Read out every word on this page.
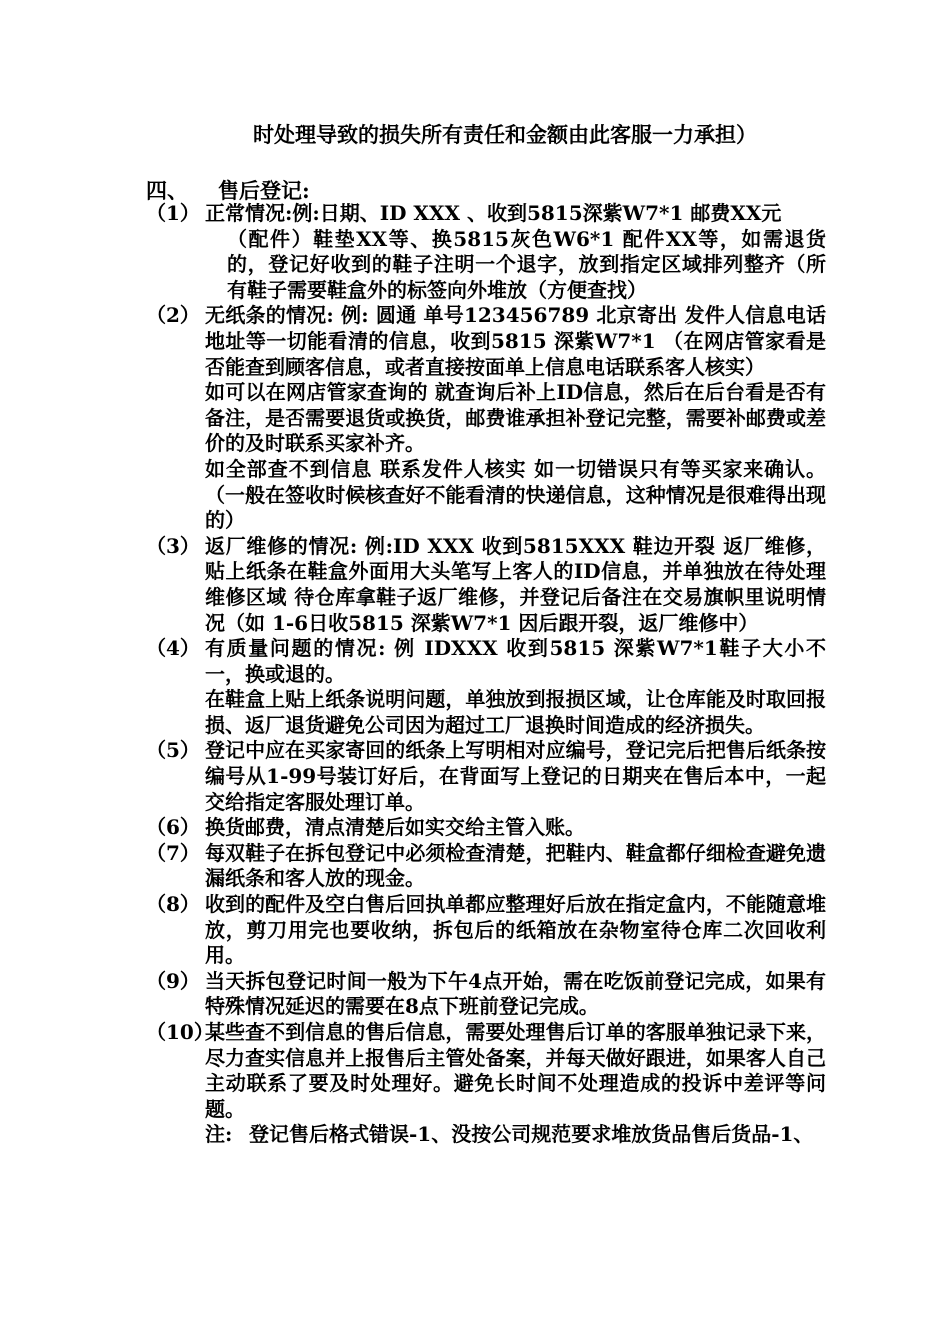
时处理导致的损失所有责任和金额由此客服一力承担）
四、 售后登记:
（1） 正常情况:例:日期、ID XXX 、收到5815深紫W7*1 邮费XX元

（配件）鞋垫XX等、换5815灰色W6*1 配件XX等，如需退货的，登记好收到的鞋子注明一个退字，放到指定区域排列整齐（所有鞋子需要鞋盒外的标签向外堆放（方便查找）

（2） 无纸条的情况: 例: 圆通 单号123456789 北京寄出 发件人信息电话 地址等一切能看清的信息，收到5815 深紫W7*1 （在网店管家看是否能查到顾客信息，或者直接按面单上信息电话联系客人核实）

如可以在网店管家查询的 就查询后补上ID信息，然后在后台看是否有备注，是否需要退货或换货，邮费谁承担补登记完整，需要补邮费或差价的及时联系买家补齐。

如全部查不到信息 联系发件人核实 如一切错误只有等买家来确认。（一般在签收时候核查好不能看清的快递信息，这种情况是很难得出现的）

（3） 返厂维修的情况: 例:ID XXX 收到5815XXX 鞋边开裂 返厂维修，贴上纸条在鞋盒外面用大头笔写上客人的ID信息，并单独放在待处理维修区域 待仓库拿鞋子返厂维修，并登记后备注在交易旗帜里说明情况（如 1-6日收5815 深紫W7*1 因后跟开裂，返厂维修中）

（4） 有质量问题的情况: 例 IDXXX 收到5815 深紫W7*1鞋子大小不一，换或退的。

在鞋盒上贴上纸条说明问题，单独放到报损区域，让仓库能及时取回报损、返厂退货避免公司因为超过工厂退换时间造成的经济损失。

（5） 登记中应在买家寄回的纸条上写明相对应编号，登记完后把售后纸条按编号从1-99号装订好后，在背面写上登记的日期夹在售后本中，一起交给指定客服处理订单。

（6） 换货邮费，清点清楚后如实交给主管入账。

（7） 每双鞋子在拆包登记中必须检查清楚，把鞋内、鞋盒都仔细检查避免遗漏纸条和客人放的现金。

（8） 收到的配件及空白售后回执单都应整理好后放在指定盒内，不能随意堆放，剪刀用完也要收纳，拆包后的纸箱放在杂物室待仓库二次回收利用。

（9） 当天拆包登记时间一般为下午4点开始，需在吃饭前登记完成，如果有特殊情况延迟的需要在8点下班前登记完成。

（10）

某些查不到信息的售后信息，需要处理售后订单的客服单独记录下来，尽力查实信息并上报售后主管处备案，并每天做好跟进，如果客人自己主动联系了要及时处理好。避免长时间不处理造成的投诉中差评等问题。

注: 登记售后格式错误-1、没按公司规范要求堆放货品售后货品-1、
